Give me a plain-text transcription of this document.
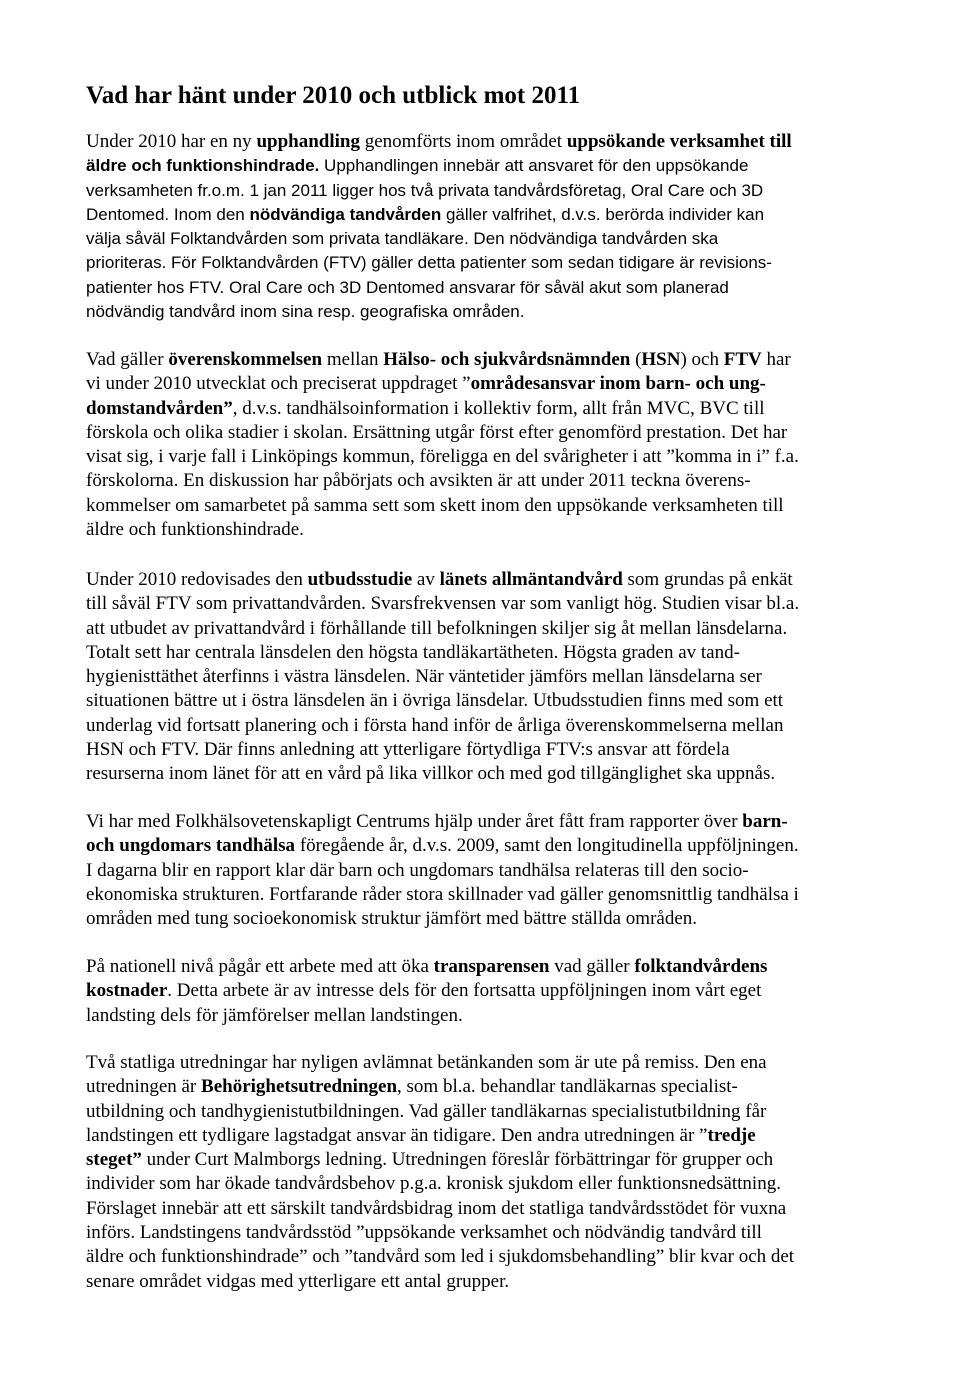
Vad har hänt under 2010 och utblick mot 2011
Under 2010 har en ny upphandling genomförts inom området uppsökande verksamhet till
äldre och funktionshindrade. Upphandlingen innebär att ansvaret för den uppsökande
verksamheten fr.o.m. 1 jan 2011 ligger hos två privata tandvårdsföretag, Oral Care och 3D
Dentomed. Inom den nödvändiga tandvården gäller valfrihet, d.v.s. berörda individer kan
välja såväl Folktandvården som privata tandläkare. Den nödvändiga tandvården ska
prioriteras. För Folktandvården (FTV) gäller detta patienter som sedan tidigare är revisions-
patienter hos FTV. Oral Care och 3D Dentomed ansvarar för såväl akut som planerad
nödvändig tandvård inom sina resp. geografiska områden.
Vad gäller överenskommelsen mellan Hälso- och sjukvårdsnämnden (HSN) och FTV har
vi under 2010 utvecklat och preciserat uppdraget ”områdesansvar inom barn- och ung-
domstandvården”, d.v.s. tandhälsoinformation i kollektiv form, allt från MVC, BVC till
förskola och olika stadier i skolan. Ersättning utgår först efter genomförd prestation. Det har
visat sig, i varje fall i Linköpings kommun, föreligga en del svårigheter i att ”komma in i” f.a.
förskolorna. En diskussion har påbörjats och avsikten är att under 2011 teckna överens-
kommelser om samarbetet på samma sett som skett inom den uppsökande verksamheten till
äldre och funktionshindrade.
Under 2010 redovisades den utbudsstudie av länets allmäntandvård som grundas på enkät
till såväl FTV som privattandvården. Svarsfrekvensen var som vanligt hög. Studien visar bl.a.
att utbudet av privattandvård i förhållande till befolkningen skiljer sig åt mellan länsdelarna.
Totalt sett har centrala länsdelen den högsta tandläkartätheten. Högsta graden av tand-
hygienisttäthet återfinns i västra länsdelen. När väntetider jämförs mellan länsdelarna ser
situationen bättre ut i östra länsdelen än i övriga länsdelar. Utbudsstudien finns med som ett
underlag vid fortsatt planering och i första hand inför de årliga överenskommelserna mellan
HSN och FTV. Där finns anledning att ytterligare förtydliga FTV:s ansvar att fördela
resurserna inom länet för att en vård på lika villkor och med god tillgänglighet ska uppnås.
Vi har med Folkhälsovetenskapligt Centrums hjälp under året fått fram rapporter över barn-
och ungdomars tandhälsa föregående år, d.v.s. 2009, samt den longitudinella uppföljningen.
I dagarna blir en rapport klar där barn och ungdomars tandhälsa relateras till den socio-
ekonomiska strukturen. Fortfarande råder stora skillnader vad gäller genomsnittlig tandhälsa i
områden med tung socioekonomisk struktur jämfört med bättre ställda områden.
På nationell nivå pågår ett arbete med att öka transparensen vad gäller folktandvårdens
kostnader. Detta arbete är av intresse dels för den fortsatta uppföljningen inom vårt eget
landsting dels för jämförelser mellan landstingen.
Två statliga utredningar har nyligen avlämnat betänkanden som är ute på remiss. Den ena
utredningen är Behörighetsutredningen, som bl.a. behandlar tandläkarnas specialist-
utbildning och tandhygienistutbildningen. Vad gäller tandläkarnas specialistutbildning får
landstingen ett tydligare lagstadgat ansvar än tidigare. Den andra utredningen är ”tredje
steget” under Curt Malmborgs ledning. Utredningen föreslår förbättringar för grupper och
individer som har ökade tandvårdsbehov p.g.a. kronisk sjukdom eller funktionsnedsättning.
Förslaget innebär att ett särskilt tandvårdsbidrag inom det statliga tandvårdsstödet för vuxna
införs. Landstingens tandvårdsstöd ”uppsökande verksamhet och nödvändig tandvård till
äldre och funktionshindrade” och ”tandvård som led i sjukdomsbehandling” blir kvar och det
senare området vidgas med ytterligare ett antal grupper.
